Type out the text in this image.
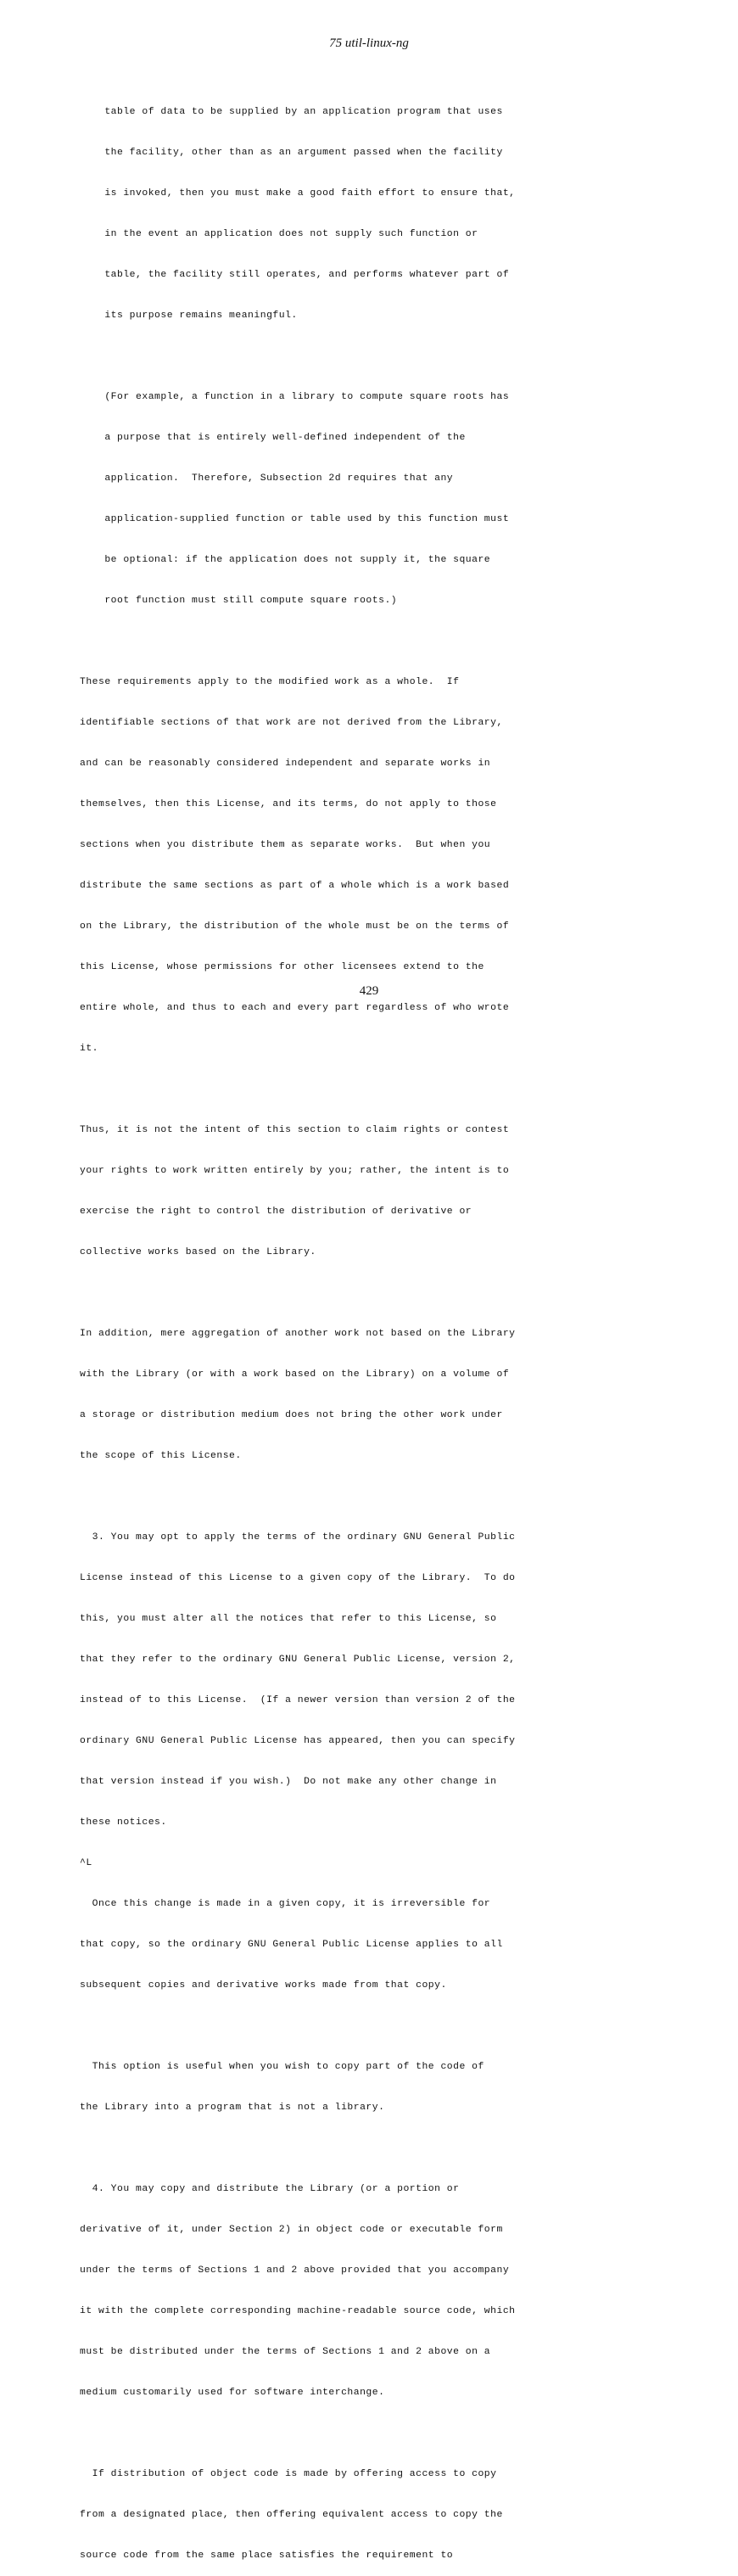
75 util-linux-ng

table of data to be supplied by an application program that uses

the facility, other than as an argument passed when the facility

is invoked, then you must make a good faith effort to ensure that,

in the event an application does not supply such function or

table, the facility still operates, and performs whatever part of

its purpose remains meaningful.

(For example, a function in a library to compute square roots has

a purpose that is entirely well-defined independent of the

application.  Therefore, Subsection 2d requires that any

application-supplied function or table used by this function must

be optional: if the application does not supply it, the square

root function must still compute square roots.)

These requirements apply to the modified work as a whole.  If

identifiable sections of that work are not derived from the Library,

and can be reasonably considered independent and separate works in

themselves, then this License, and its terms, do not apply to those

sections when you distribute them as separate works.  But when you

distribute the same sections as part of a whole which is a work based

on the Library, the distribution of the whole must be on the terms of

this License, whose permissions for other licensees extend to the

entire whole, and thus to each and every part regardless of who wrote

it.

Thus, it is not the intent of this section to claim rights or contest

your rights to work written entirely by you; rather, the intent is to

exercise the right to control the distribution of derivative or

collective works based on the Library.

In addition, mere aggregation of another work not based on the Library

with the Library (or with a work based on the Library) on a volume of

a storage or distribution medium does not bring the other work under

the scope of this License.

3. You may opt to apply the terms of the ordinary GNU General Public

License instead of this License to a given copy of the Library.  To do

this, you must alter all the notices that refer to this License, so

that they refer to the ordinary GNU General Public License, version 2,

instead of to this License.  (If a newer version than version 2 of the

ordinary GNU General Public License has appeared, then you can specify

that version instead if you wish.)  Do not make any other change in

these notices.

^L

Once this change is made in a given copy, it is irreversible for

that copy, so the ordinary GNU General Public License applies to all

subsequent copies and derivative works made from that copy.

This option is useful when you wish to copy part of the code of

the Library into a program that is not a library.

4. You may copy and distribute the Library (or a portion or

derivative of it, under Section 2) in object code or executable form

under the terms of Sections 1 and 2 above provided that you accompany

it with the complete corresponding machine-readable source code, which

must be distributed under the terms of Sections 1 and 2 above on a

medium customarily used for software interchange.

If distribution of object code is made by offering access to copy

from a designated place, then offering equivalent access to copy the

source code from the same place satisfies the requirement to

429
